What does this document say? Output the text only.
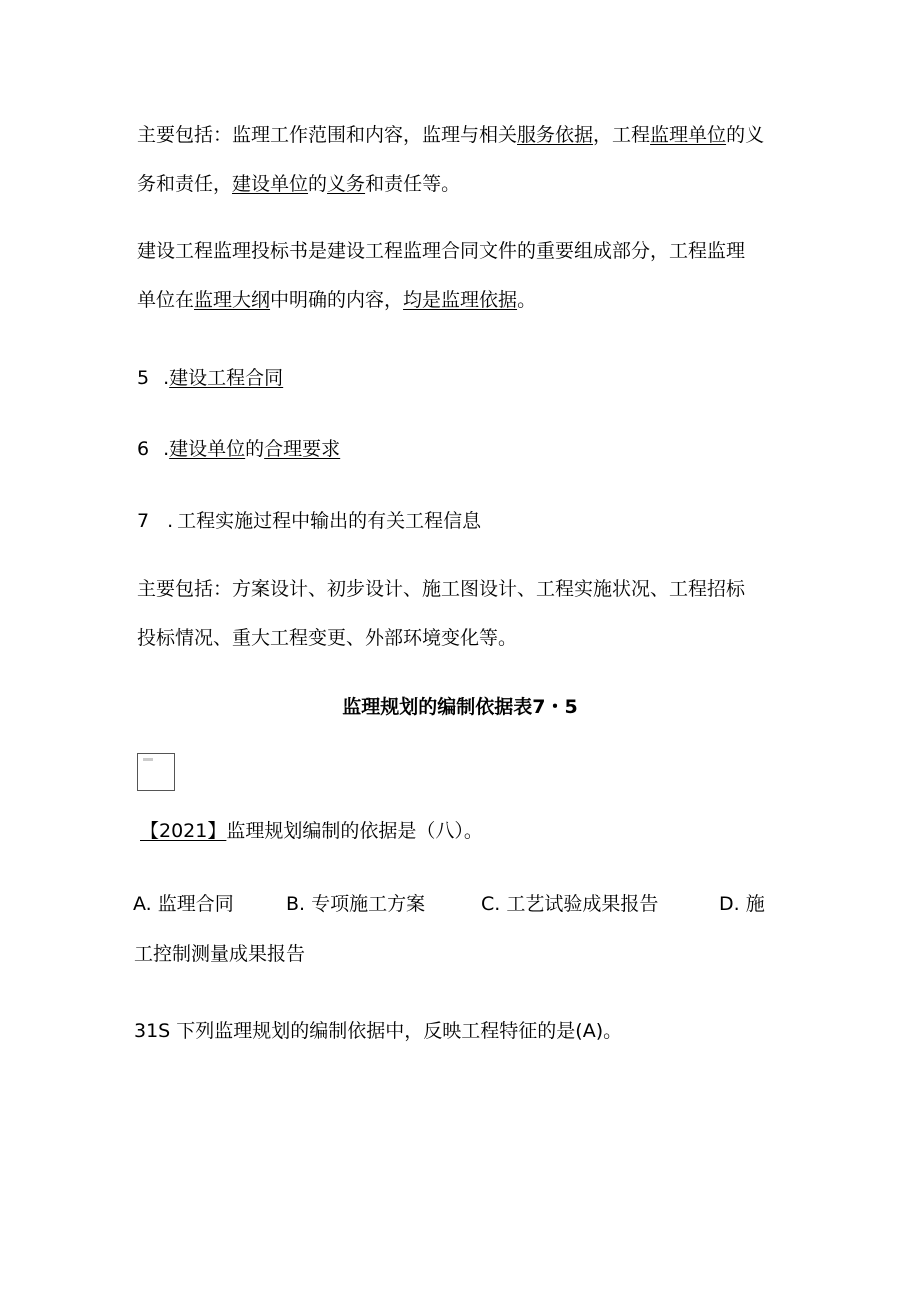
主要包括：监理工作范围和内容，监理与相关服务依据，工程监理单位的义
务和责任，建设单位的义务和责任等。
建设工程监理投标书是建设工程监理合同文件的重要组成部分，工程监理
单位在监理大纲中明确的内容，均是监理依据。
5 .建设工程合同
6 .建设单位的合理要求
7 . 工程实施过程中输出的有关工程信息
主要包括：方案设计、初步设计、施工图设计、工程实施状况、工程招标
投标情况、重大工程变更、外部环境变化等。
监理规划的编制依据表7・5
【2021】监理规划编制的依据是（八）。
A. 监理合同	B. 专项施工方案	C. 工艺试验成果报告	D. 施
工控制测量成果报告
31S 下列监理规划的编制依据中，反映工程特征的是(A)。
